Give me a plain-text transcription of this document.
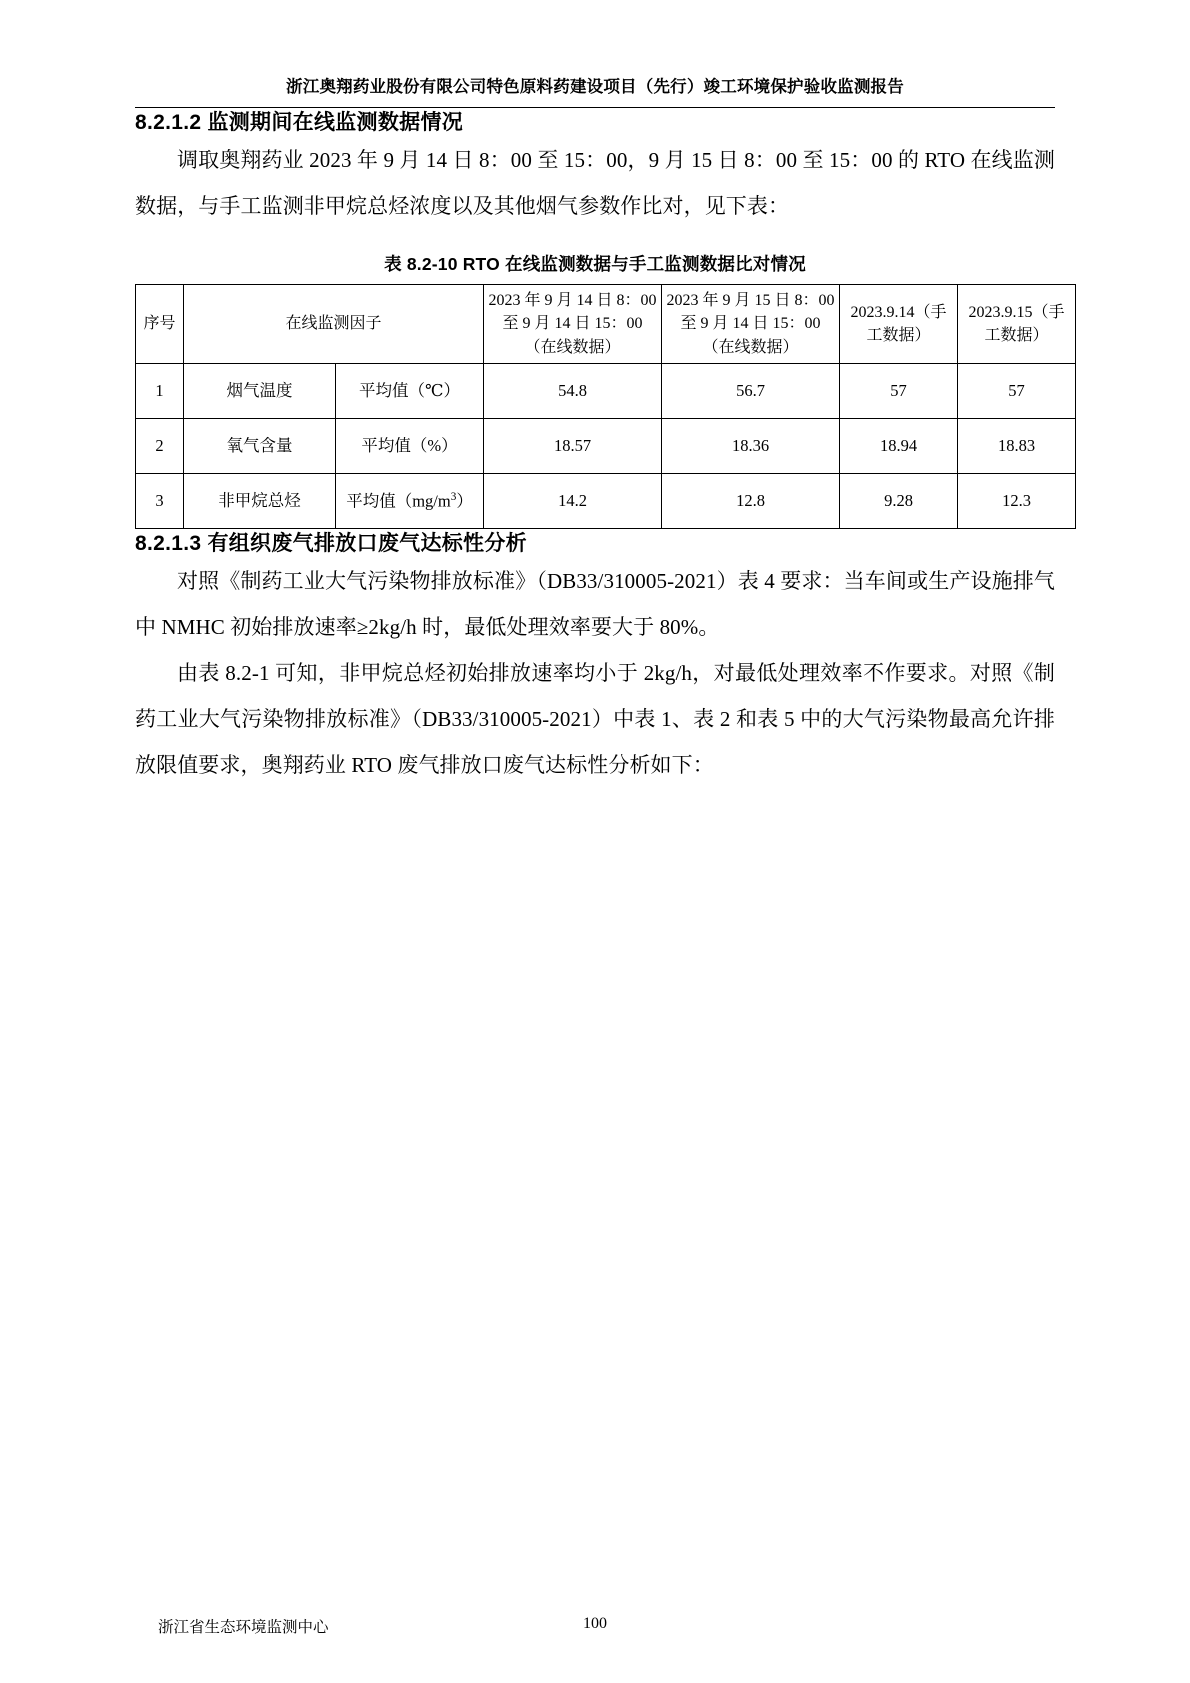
浙江奥翔药业股份有限公司特色原料药建设项目（先行）竣工环境保护验收监测报告
8.2.1.2 监测期间在线监测数据情况

调取奥翔药业 2023 年 9 月 14 日 8：00 至 15：00，9 月 15 日 8：00 至 15：00 的 RTO 在线监测数据，与手工监测非甲烷总烃浓度以及其他烟气参数作比对，见下表：

表 8.2-10 RTO 在线监测数据与手工监测数据比对情况
序号	在线监测因子		2023 年 9 月 14 日 8：00 至 9 月 14 日 15：00（在线数据）	2023 年 9 月 15 日 8：00 至 9 月 14 日 15：00（在线数据）	2023.9.14（手工数据）	2023.9.15（手工数据）
1	烟气温度	平均值（℃）	54.8	56.7	57	57
2	氧气含量	平均值（%）	18.57	18.36	18.94	18.83
3	非甲烷总烃	平均值$(mg/m^3)$	14.2	12.8	9.28	12.3
8.2.1.3 有组织废气排放口废气达标性分析

对照《制药工业大气污染物排放标准》（DB33/310005-2021）表 4 要求：当车间或生产设施排气中 NMHC 初始排放速率≥2kg/h 时，最低处理效率要大于 80%。

由表 8.2-1 可知，非甲烷总烃初始排放速率均小于 2kg/h，对最低处理效率不作要求。对照《制药工业大气污染物排放标准》（DB33/310005-2021）中表 1、表 2 和表 5 中的大气污染物最高允许排放限值要求，奥翔药业 RTO 废气排放口废气达标性分析如下：

浙江省生态环境监测中心	100
